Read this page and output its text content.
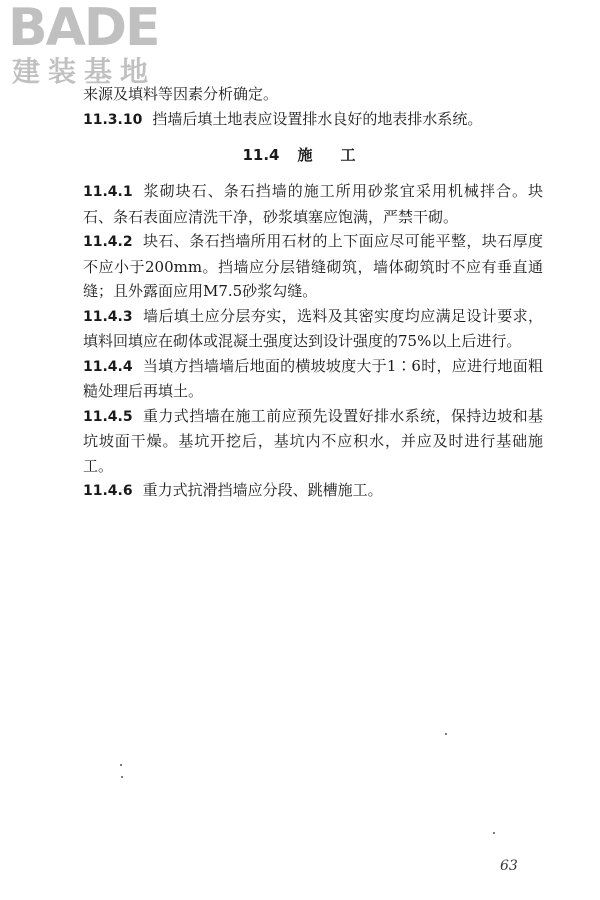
BADE
建装基地

来源及填料等因素分析确定。

11.3.10 挡墙后填土地表应设置排水良好的地表排水系统。

11.4 施工

11.4.1 浆砌块石、条石挡墙的施工所用砂浆宜采用机械拌合。块石、条石表面应清洗干净，砂浆填塞应饱满，严禁干砌。

11.4.2 块石、条石挡墙所用石材的上下面应尽可能平整，块石厚度不应小于200mm。挡墙应分层错缝砌筑，墙体砌筑时不应有垂直通缝；且外露面应用M7.5砂浆勾缝。

11.4.3 墙后填土应分层夯实，选料及其密实度均应满足设计要求，填料回填应在砌体或混凝土强度达到设计强度的75%以上后进行。

11.4.4 当填方挡墙墙后地面的横坡坡度大于1∶6时，应进行地面粗糙处理后再填土。

11.4.5 重力式挡墙在施工前应预先设置好排水系统，保持边坡和基坑坡面干燥。基坑开挖后，基坑内不应积水，并应及时进行基础施工。

11.4.6 重力式抗滑挡墙应分段、跳槽施工。

63
